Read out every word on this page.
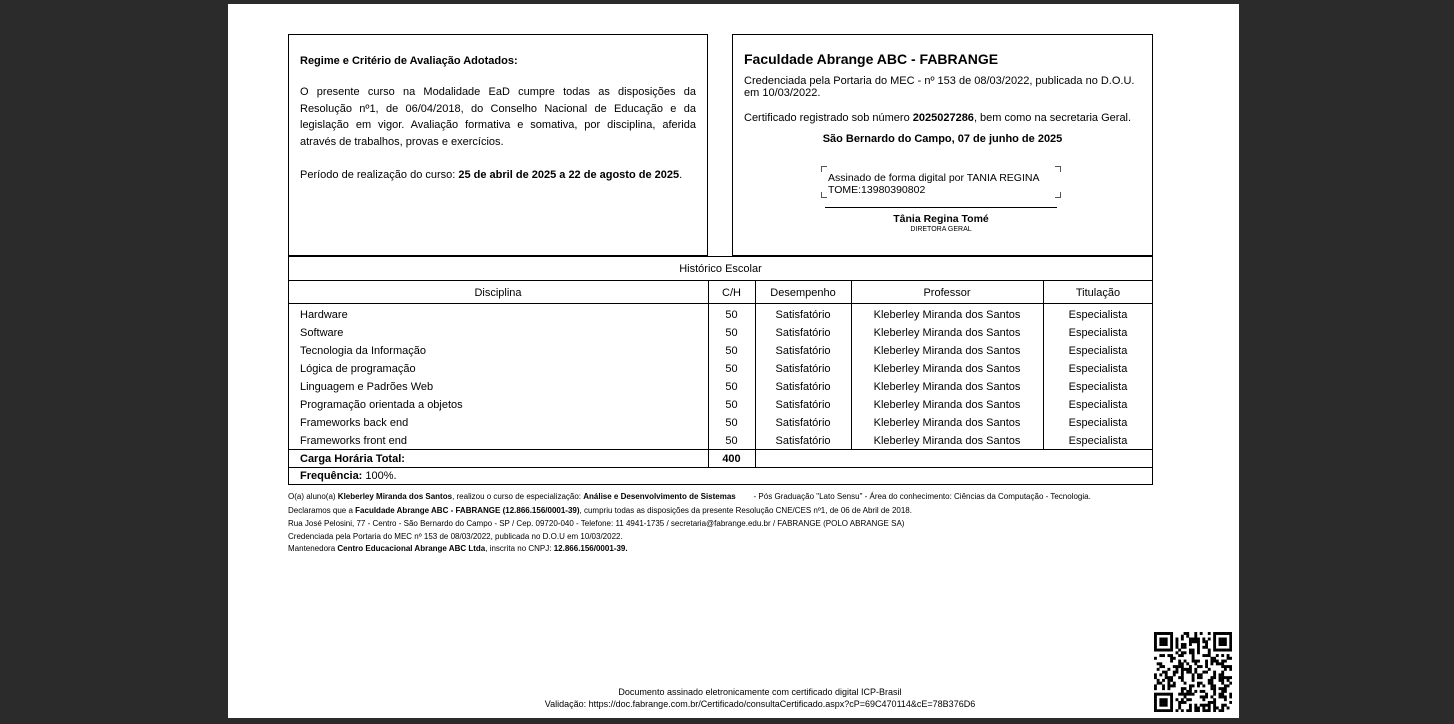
Regime e Critério de Avaliação Adotados:
O presente curso na Modalidade EaD cumpre todas as disposições da Resolução nº1, de 06/04/2018, do Conselho Nacional de Educação e da legislação em vigor. Avaliação formativa e somativa, por disciplina, aferida através de trabalhos, provas e exercícios.
Período de realização do curso: 25 de abril de 2025 a 22 de agosto de 2025.
Faculdade Abrange ABC - FABRANGE
Credenciada pela Portaria do MEC - nº 153 de 08/03/2022, publicada no D.O.U. em 10/03/2022.
Certificado registrado sob número 2025027286, bem como na secretaria Geral.
São Bernardo do Campo, 07 de junho de 2025
Assinado de forma digital por TANIA REGINA TOME:13980390802
Tânia Regina Tomé
DIRETORA GERAL
Histórico Escolar
Disciplina	C/H	Desempenho	Professor	Titulação
Hardware	50	Satisfatório	Kleberley Miranda dos Santos	Especialista
Software	50	Satisfatório	Kleberley Miranda dos Santos	Especialista
Tecnologia da Informação	50	Satisfatório	Kleberley Miranda dos Santos	Especialista
Lógica de programação	50	Satisfatório	Kleberley Miranda dos Santos	Especialista
Linguagem e Padrões Web	50	Satisfatório	Kleberley Miranda dos Santos	Especialista
Programação orientada a objetos	50	Satisfatório	Kleberley Miranda dos Santos	Especialista
Frameworks back end	50	Satisfatório	Kleberley Miranda dos Santos	Especialista
Frameworks front end	50	Satisfatório	Kleberley Miranda dos Santos	Especialista
Carga Horária Total:	400
Frequência: 100%.
O(a) aluno(a) Kleberley Miranda dos Santos, realizou o curso de especialização: Análise e Desenvolvimento de Sistemas        - Pós Graduação "Lato Sensu" - Área do conhecimento: Ciências da Computação - Tecnologia.
Declaramos que a Faculdade Abrange ABC - FABRANGE (12.866.156/0001-39), cumpriu todas as disposições da presente Resolução CNE/CES nº1, de 06 de Abril de 2018.
Rua José Pelosini, 77 - Centro - São Bernardo do Campo - SP / Cep. 09720-040 - Telefone: 11 4941-1735 / secretaria@fabrange.edu.br / FABRANGE (POLO ABRANGE SA)
Credenciada pela Portaria do MEC nº 153 de 08/03/2022, publicada no D.O.U em 10/03/2022.
Mantenedora Centro Educacional Abrange ABC Ltda, inscrita no CNPJ: 12.866.156/0001-39.
Documento assinado eletronicamente com certificado digital ICP-Brasil
Validação: https://doc.fabrange.com.br/Certificado/consultaCertificado.aspx?cP=69C470114&cE=78B376D6
